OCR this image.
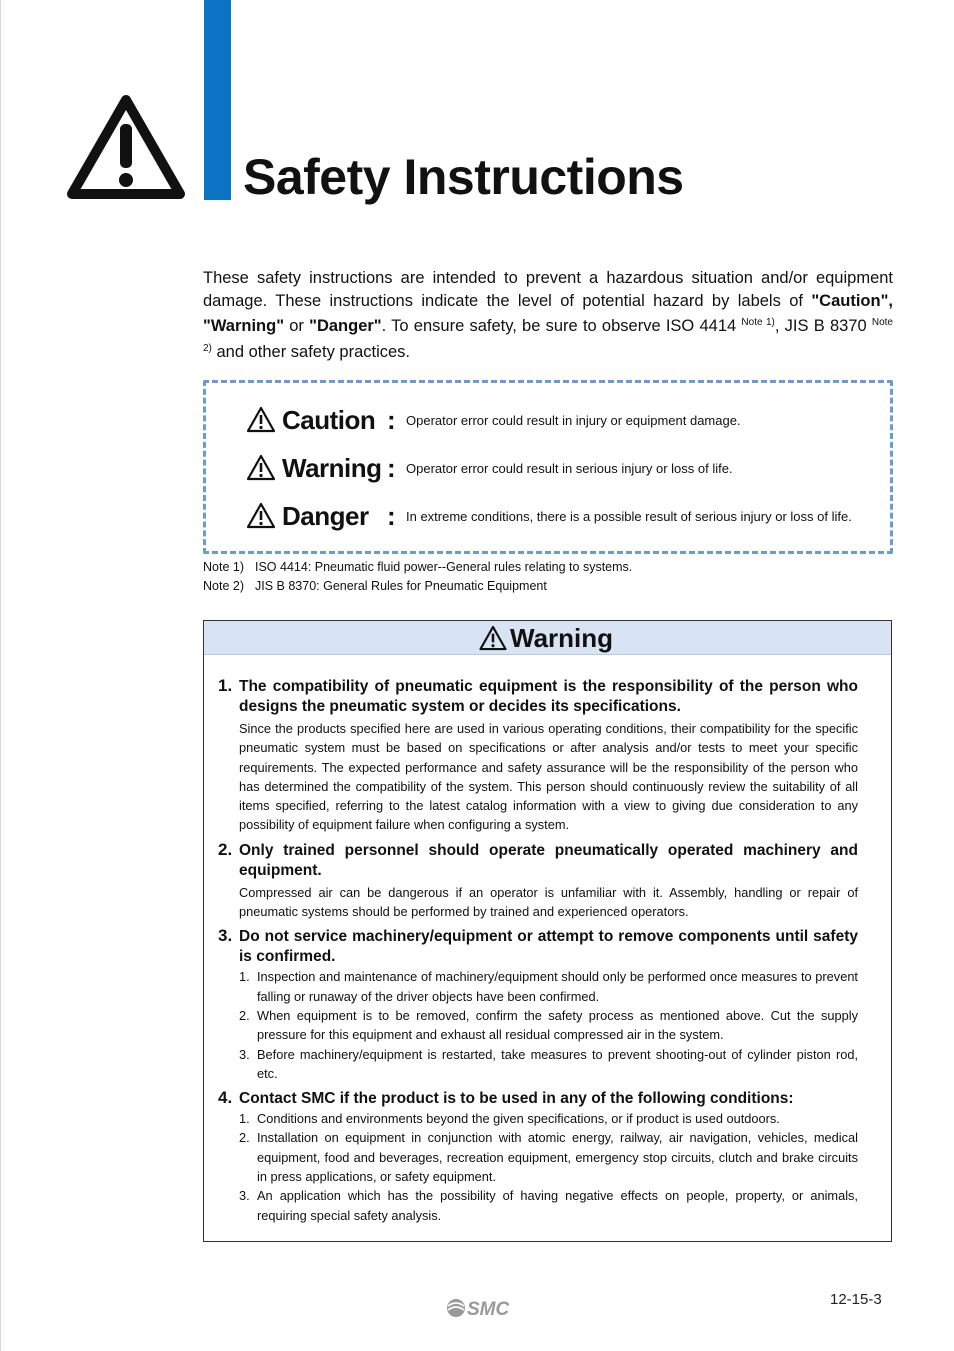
Safety Instructions

These safety instructions are intended to prevent a hazardous situation and/or equipment damage. These instructions indicate the level of potential hazard by labels of "Caution", "Warning" or "Danger". To ensure safety, be sure to observe ISO 4414 $^{Note 1)}$, JIS B 8370 $^{Note 2)}$ and other safety practices.

Caution : Operator error could result in injury or equipment damage.
Warning : Operator error could result in serious injury or loss of life.
Danger : In extreme conditions, there is a possible result of serious injury or loss of life.
Note 1) ISO 4414: Pneumatic fluid power--General rules relating to systems.
Note 2) JIS B 8370: General Rules for Pneumatic Equipment
Warning

1. The compatibility of pneumatic equipment is the responsibility of the person who designs the pneumatic system or decides its specifications.

Since the products specified here are used in various operating conditions, their compatibility for the specific pneumatic system must be based on specifications or after analysis and/or tests to meet your specific requirements. The expected performance and safety assurance will be the responsibility of the person who has determined the compatibility of the system. This person should continuously review the suitability of all items specified, referring to the latest catalog information with a view to giving due consideration to any possibility of equipment failure when configuring a system.

2. Only trained personnel should operate pneumatically operated machinery and equipment.

Compressed air can be dangerous if an operator is unfamiliar with it. Assembly, handling or repair of pneumatic systems should be performed by trained and experienced operators.

3. Do not service machinery/equipment or attempt to remove components until safety is confirmed.

1. Inspection and maintenance of machinery/equipment should only be performed once measures to prevent falling or runaway of the driver objects have been confirmed.
2. When equipment is to be removed, confirm the safety process as mentioned above. Cut the supply pressure for this equipment and exhaust all residual compressed air in the system.
3. Before machinery/equipment is restarted, take measures to prevent shooting-out of cylinder piston rod, etc.

4. Contact SMC if the product is to be used in any of the following conditions:

1. Conditions and environments beyond the given specifications, or if product is used outdoors.
2. Installation on equipment in conjunction with atomic energy, railway, air navigation, vehicles, medical equipment, food and beverages, recreation equipment, emergency stop circuits, clutch and brake circuits in press applications, or safety equipment.
3. An application which has the possibility of having negative effects on people, property, or animals, requiring special safety analysis.
SMC	12-15-3
